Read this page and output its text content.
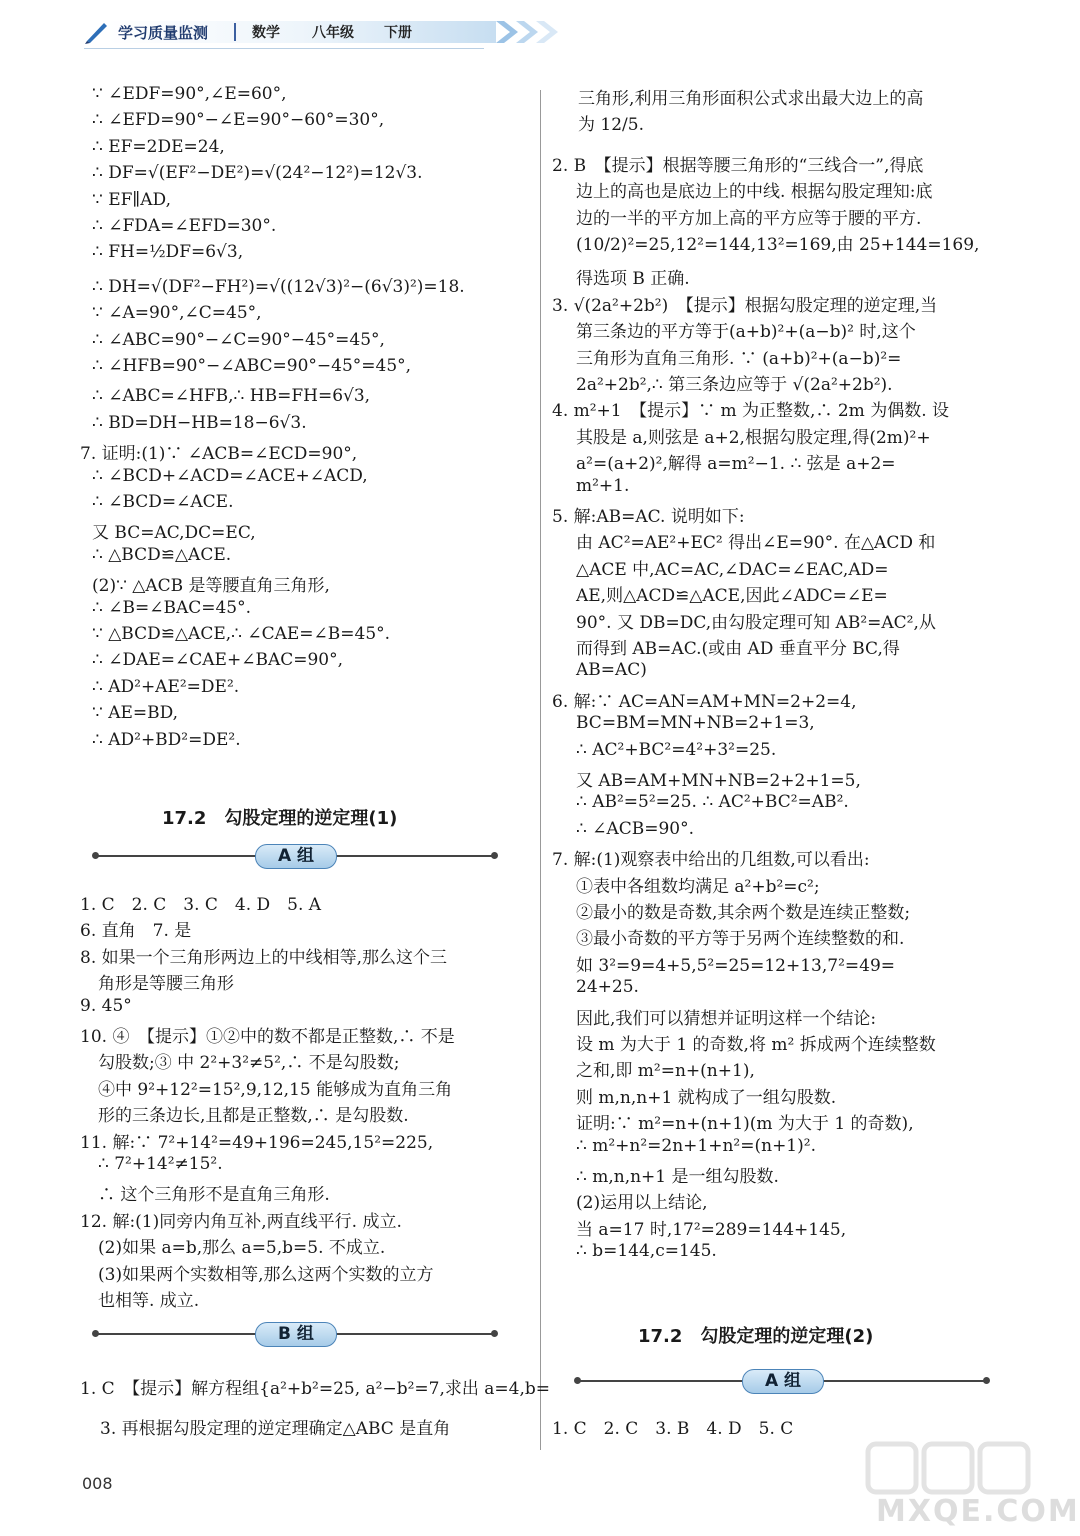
学习质量监测	数学 八年级 下册
∵ ∠EDF=90°,∠E=60°,
∴ ∠EFD=90°−∠E=90°−60°=30°,
∴ EF=2DE=24,
∴ DF=√(EF²−DE²)=√(24²−12²)=12√3.
∵ EF∥AD,
∴ ∠FDA=∠EFD=30°.
∴ FH=½DF=6√3,
∴ DH=√(DF²−FH²)=√((12√3)²−(6√3)²)=18.
∵ ∠A=90°,∠C=45°,
∴ ∠ABC=90°−∠C=90°−45°=45°,
∴ ∠HFB=90°−∠ABC=90°−45°=45°,
∴ ∠ABC=∠HFB,∴ HB=FH=6√3,
∴ BD=DH−HB=18−6√3.
7. 证明:(1)∵ ∠ACB=∠ECD=90°,
∴ ∠BCD+∠ACD=∠ACE+∠ACD,
∴ ∠BCD=∠ACE.
又 BC=AC,DC=EC,
∴ △BCD≌△ACE.
(2)∵ △ACB 是等腰直角三角形,
∴ ∠B=∠BAC=45°.
∵ △BCD≌△ACE,∴ ∠CAE=∠B=45°.
∴ ∠DAE=∠CAE+∠BAC=90°,
∴ AD²+AE²=DE².
∵ AE=BD,
∴ AD²+BD²=DE².
17.2　勾股定理的逆定理(1)
A 组
1. C　2. C　3. C　4. D　5. A
6. 直角　7. 是
8. 如果一个三角形两边上的中线相等,那么这个三
角形是等腰三角形
9. 45°
10. ④　【提示】①②中的数不都是正整数,∴ 不是
勾股数;③ 中 2²+3²≠5²,∴ 不是勾股数;
④中 9²+12²=15²,9,12,15 能够成为直角三角
形的三条边长,且都是正整数,∴ 是勾股数.
11. 解:∵ 7²+14²=49+196=245,15²=225,
∴ 7²+14²≠15².
∴ 这个三角形不是直角三角形.
12. 解:(1)同旁内角互补,两直线平行. 成立.
(2)如果 a=b,那么 a=5,b=5. 不成立.
(3)如果两个实数相等,那么这两个实数的立方
也相等. 成立.
B 组
1. C　【提示】解方程组{a²+b²=25, a²−b²=7,求出 a=4,b=
3. 再根据勾股定理的逆定理确定△ABC 是直角
三角形,利用三角形面积公式求出最大边上的高
为 12/5.
2. B　【提示】根据等腰三角形的“三线合一”,得底
边上的高也是底边上的中线. 根据勾股定理知:底
边的一半的平方加上高的平方应等于腰的平方.
(10/2)²=25,12²=144,13²=169,由 25+144=169,
得选项 B 正确.
3. √(2a²+2b²)　【提示】根据勾股定理的逆定理,当
第三条边的平方等于(a+b)²+(a−b)² 时,这个
三角形为直角三角形. ∵ (a+b)²+(a−b)²=
2a²+2b²,∴ 第三条边应等于 √(2a²+2b²).
4. m²+1　【提示】∵ m 为正整数,∴ 2m 为偶数. 设
其股是 a,则弦是 a+2,根据勾股定理,得(2m)²+
a²=(a+2)²,解得 a=m²−1. ∴ 弦是 a+2=
m²+1.
5. 解:AB=AC. 说明如下:
由 AC²=AE²+EC² 得出∠E=90°. 在△ACD 和
△ACE 中,AC=AC,∠DAC=∠EAC,AD=
AE,则△ACD≌△ACE,因此∠ADC=∠E=
90°. 又 DB=DC,由勾股定理可知 AB²=AC²,从
而得到 AB=AC.(或由 AD 垂直平分 BC,得
AB=AC)
6. 解:∵ AC=AN=AM+MN=2+2=4,
BC=BM=MN+NB=2+1=3,
∴ AC²+BC²=4²+3²=25.
又 AB=AM+MN+NB=2+2+1=5,
∴ AB²=5²=25. ∴ AC²+BC²=AB².
∴ ∠ACB=90°.
7. 解:(1)观察表中给出的几组数,可以看出:
①表中各组数均满足 a²+b²=c²;
②最小的数是奇数,其余两个数是连续正整数;
③最小奇数的平方等于另两个连续整数的和.
如 3²=9=4+5,5²=25=12+13,7²=49=
24+25.
因此,我们可以猜想并证明这样一个结论:
设 m 为大于 1 的奇数,将 m² 拆成两个连续整数
之和,即 m²=n+(n+1),
则 m,n,n+1 就构成了一组勾股数.
证明:∵ m²=n+(n+1)(m 为大于 1 的奇数),
∴ m²+n²=2n+1+n²=(n+1)².
∴ m,n,n+1 是一组勾股数.
(2)运用以上结论,
当 a=17 时,17²=289=144+145,
∴ b=144,c=145.
17.2　勾股定理的逆定理(2)
A 组
1. C　2. C　3. B　4. D　5. C
008
MXQE.COM
